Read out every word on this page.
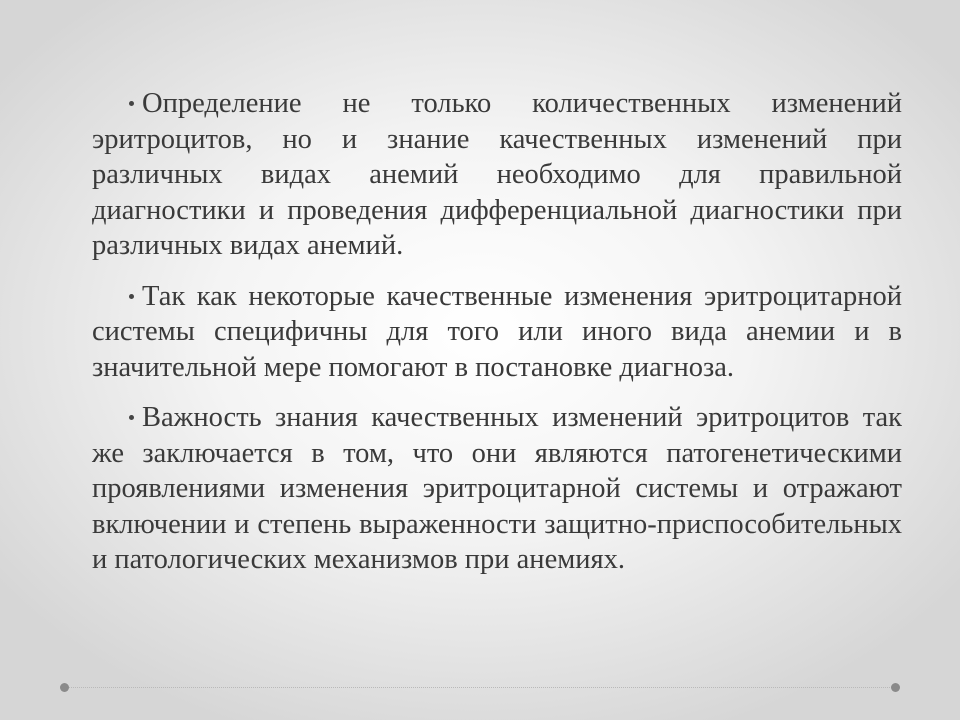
Определение не только количественных изменений эритроцитов, но и знание качественных изменений при различных видах анемий необходимо для правильной диагностики и проведения дифференциальной диагностики при различных видах анемий.
Так как некоторые качественные изменения эритроцитарной системы специфичны для того или иного вида анемии и в значительной мере помогают в постановке диагноза.
Важность знания качественных изменений эритроцитов так же заключается в том, что они являются патогенетическими проявлениями изменения эритроцитарной системы и отражают включении и степень выраженности защитно-приспособительных и патологических механизмов при анемиях.
